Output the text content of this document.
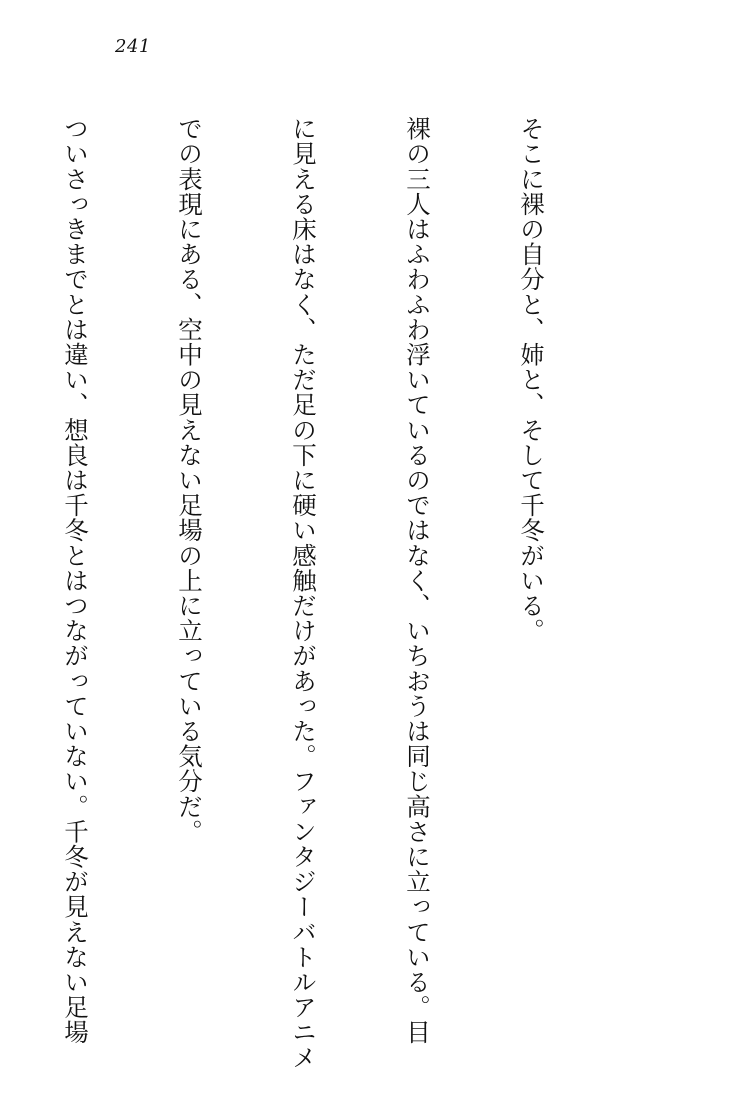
241

そこに裸の自分と、姉と、そして千冬がいる。

裸の三人はふわふわ浮いているのではなく、いちおうは同じ高さに立っている。目

に見える床はなく、ただ足の下に硬い感触だけがあった。ファンタジーバトルアニメ

での表現にある、空中の見えない足場の上に立っている気分だ。

ついさっきまでとは違い、想良は千冬とはつながっていない。千冬が見えない足場
